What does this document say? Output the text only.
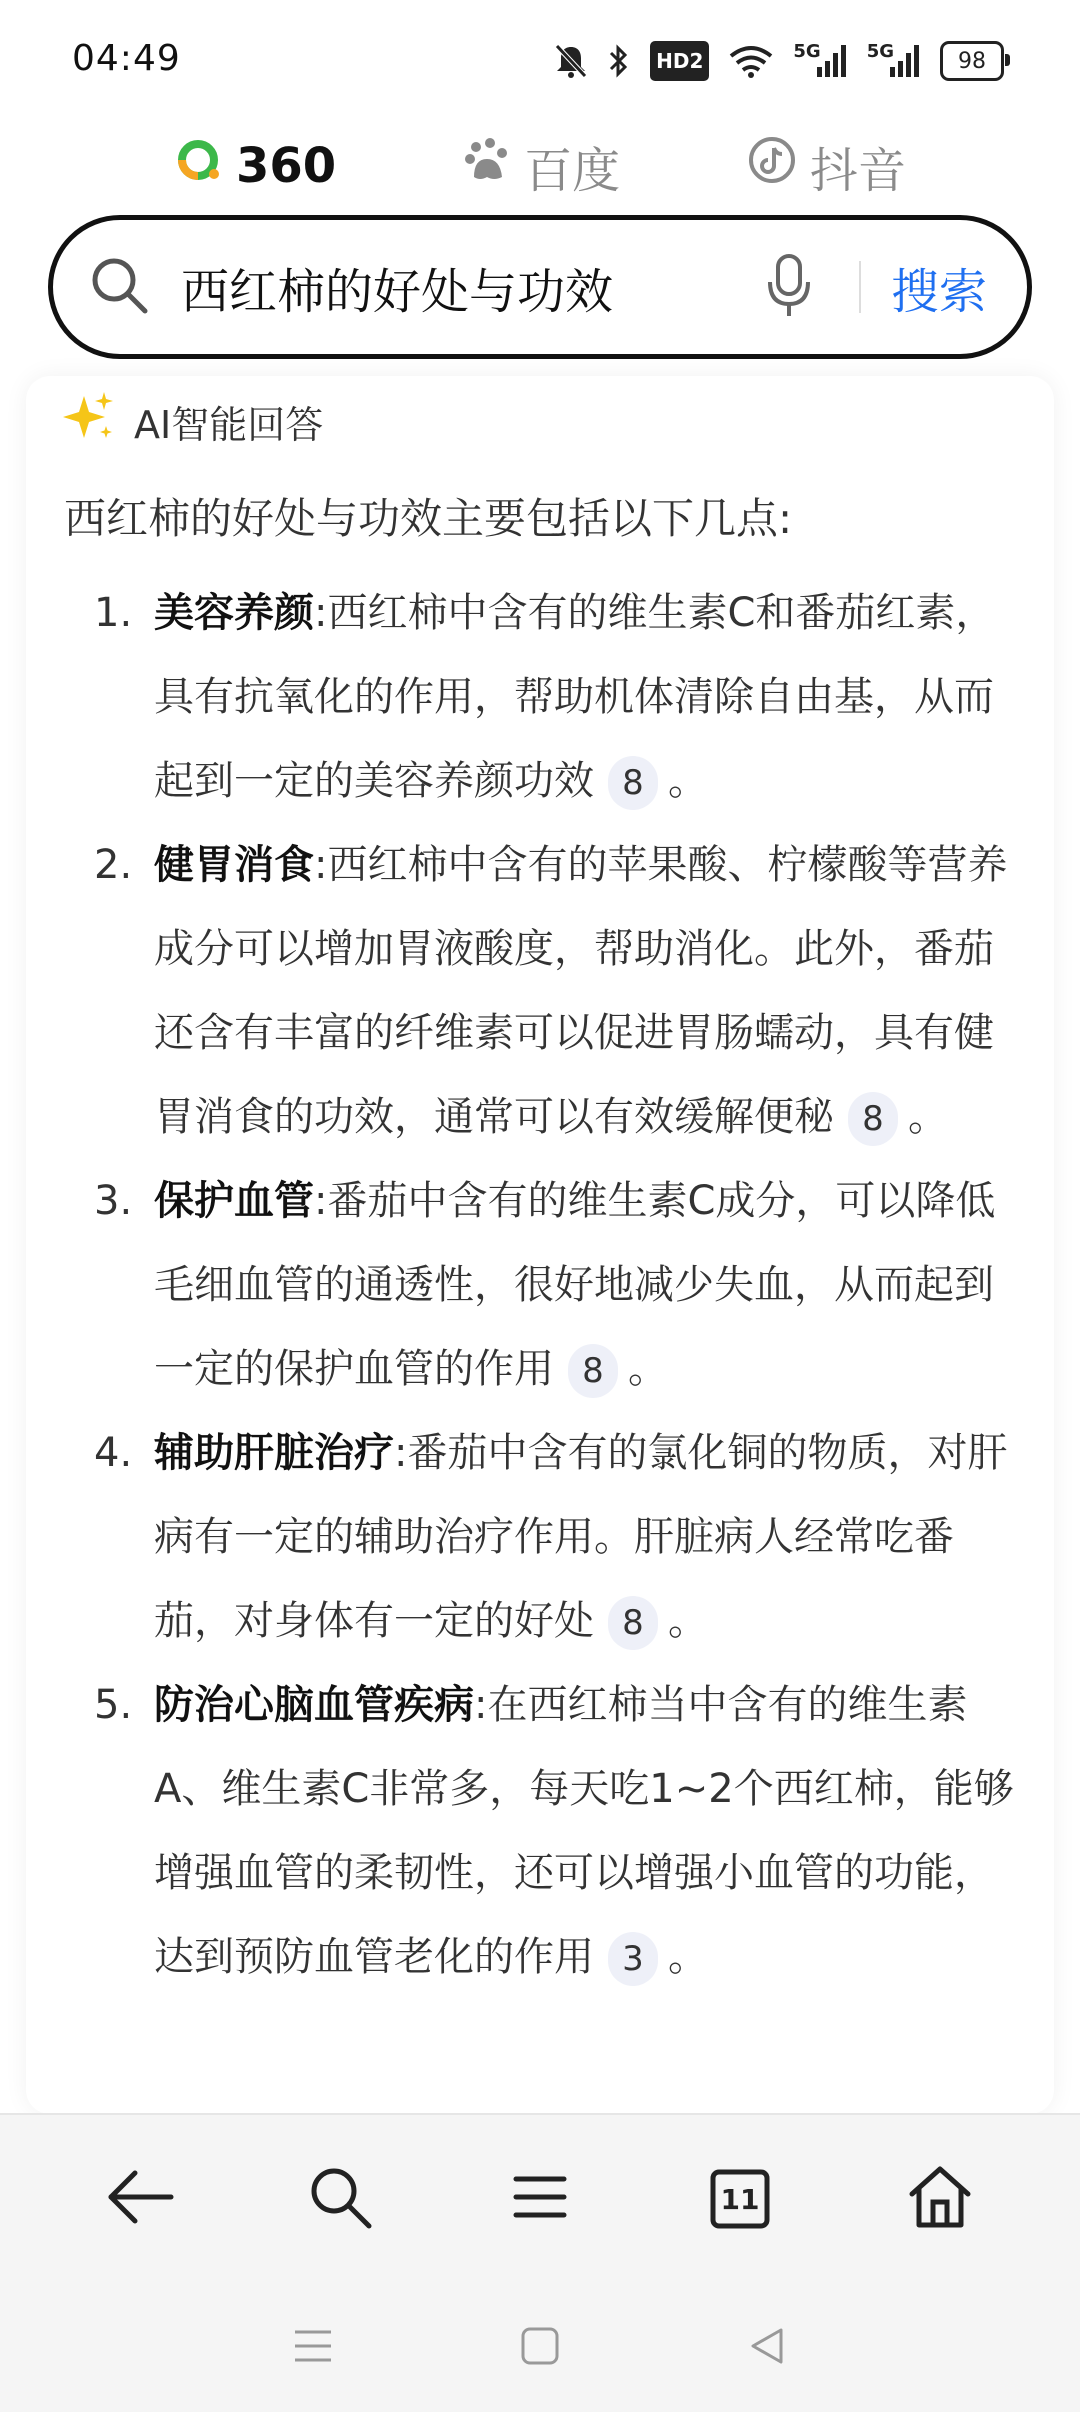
04:49	HD2	5G	5G	98
360	百度	抖音
西红柿的好处与功效	搜索
AI智能回答
西红柿的好处与功效主要包括以下几点:
1. 美容养颜:西红柿中含有的维生素C和番茄红素，具有抗氧化的作用，帮助机体清除自由基，从而起到一定的美容养颜功效 8 。
2. 健胃消食:西红柿中含有的苹果酸、柠檬酸等营养成分可以增加胃液酸度，帮助消化。此外，番茄还含有丰富的纤维素可以促进胃肠蠕动，具有健胃消食的功效，通常可以有效缓解便秘 8 。
3. 保护血管:番茄中含有的维生素C成分，可以降低毛细血管的通透性，很好地减少失血，从而起到一定的保护血管的作用 8 。
4. 辅助肝脏治疗:番茄中含有的氯化铜的物质，对肝病有一定的辅助治疗作用。肝脏病人经常吃番茄，对身体有一定的好处 8 。
5. 防治心脑血管疾病:在西红柿当中含有的维生素A、维生素C非常多，每天吃1~2个西红柿，能够增强血管的柔韧性，还可以增强小血管的功能，达到预防血管老化的作用 3 。
11
